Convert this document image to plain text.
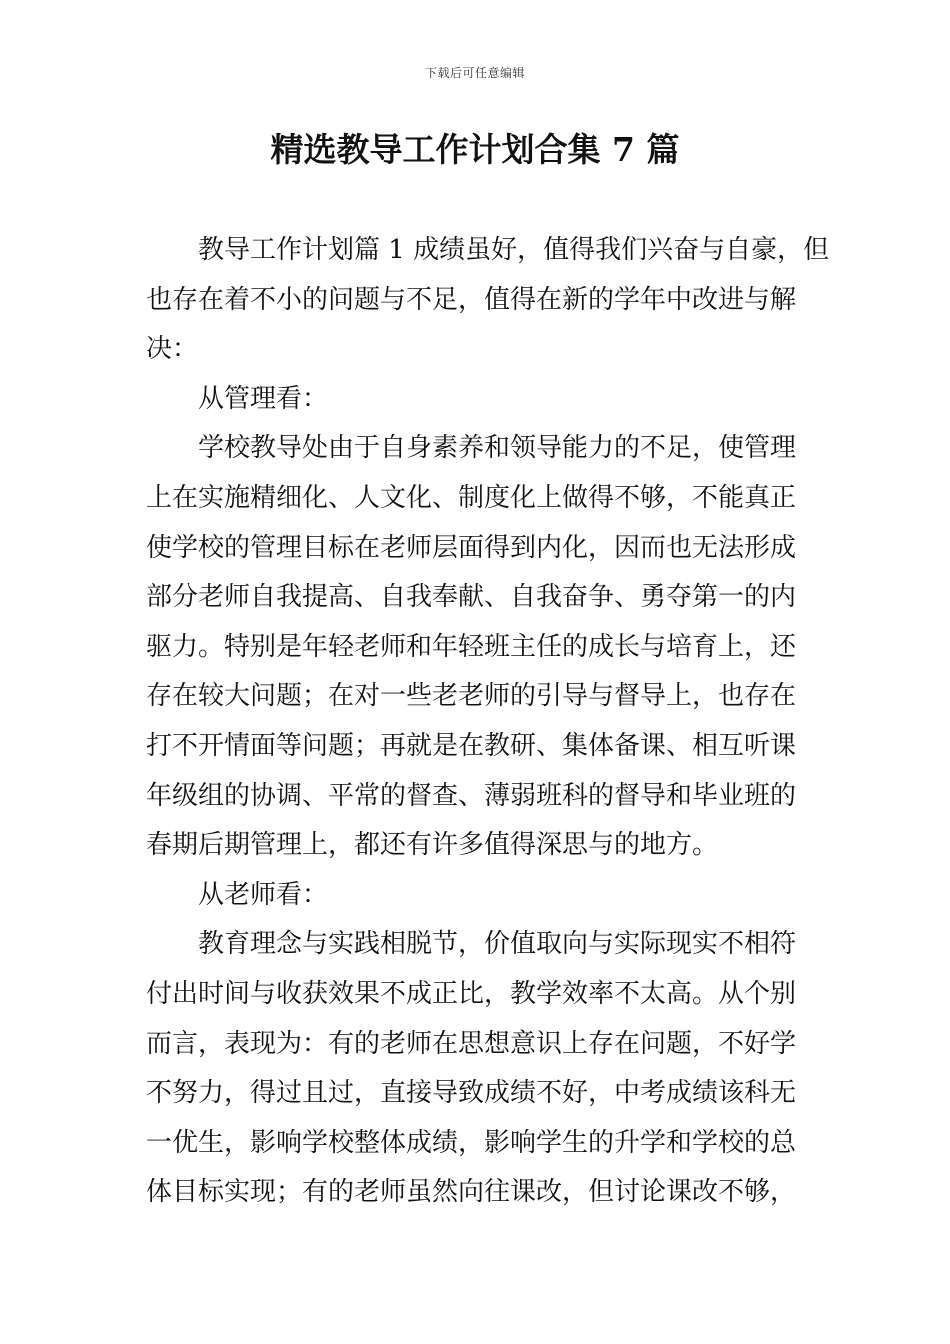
下载后可任意编辑
精选教导工作计划合集 7 篇
教导工作计划篇 1 成绩虽好，值得我们兴奋与自豪，但
也存在着不小的问题与不足，值得在新的学年中改进与解
决：
从管理看：
学校教导处由于自身素养和领导能力的不足，使管理
上在实施精细化、人文化、制度化上做得不够，不能真正
使学校的管理目标在老师层面得到内化，因而也无法形成
部分老师自我提高、自我奉献、自我奋争、勇夺第一的内
驱力。特别是年轻老师和年轻班主任的成长与培育上，还
存在较大问题；在对一些老老师的引导与督导上，也存在
打不开情面等问题；再就是在教研、集体备课、相互听课
年级组的协调、平常的督查、薄弱班科的督导和毕业班的
春期后期管理上，都还有许多值得深思与的地方。
从老师看：
教育理念与实践相脱节，价值取向与实际现实不相符
付出时间与收获效果不成正比，教学效率不太高。从个别
而言，表现为：有的老师在思想意识上存在问题，不好学
不努力，得过且过，直接导致成绩不好，中考成绩该科无
一优生，影响学校整体成绩，影响学生的升学和学校的总
体目标实现；有的老师虽然向往课改，但讨论课改不够，
